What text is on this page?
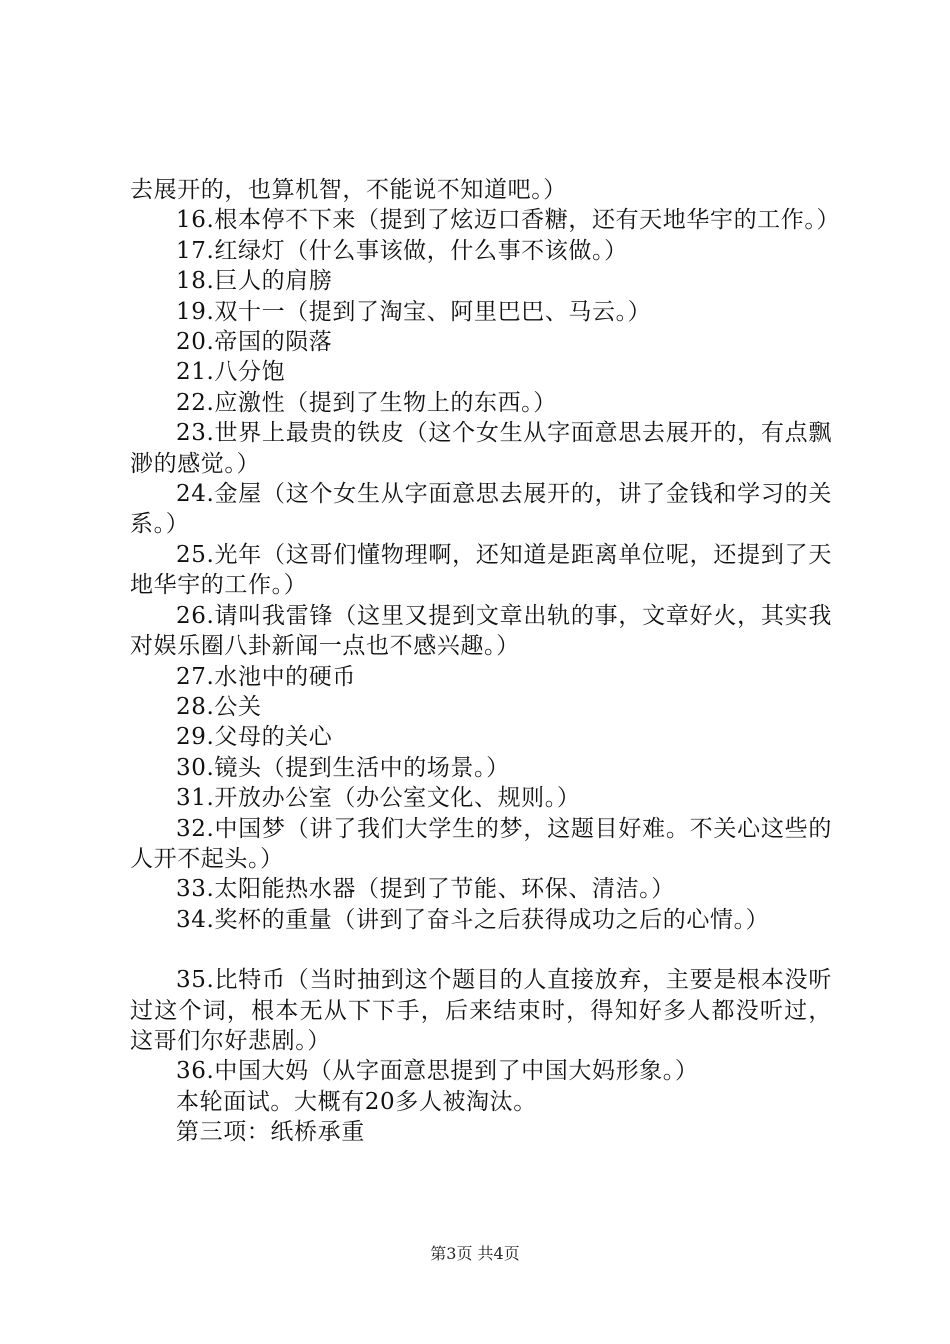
去展开的，也算机智，不能说不知道吧。）

16.根本停不下来（提到了炫迈口香糖，还有天地华宇的工作。）

17.红绿灯（什么事该做，什么事不该做。）

18.巨人的肩膀

19.双十一（提到了淘宝、阿里巴巴、马云。）

20.帝国的陨落

21.八分饱

22.应激性（提到了生物上的东西。）

23.世界上最贵的铁皮（这个女生从字面意思去展开的，有点飘渺的感觉。）

24.金屋（这个女生从字面意思去展开的，讲了金钱和学习的关系。）

25.光年（这哥们懂物理啊，还知道是距离单位呢，还提到了天地华宇的工作。）

26.请叫我雷锋（这里又提到文章出轨的事，文章好火，其实我对娱乐圈八卦新闻一点也不感兴趣。）

27.水池中的硬币

28.公关

29.父母的关心

30.镜头（提到生活中的场景。）

31.开放办公室（办公室文化、规则。）

32.中国梦（讲了我们大学生的梦，这题目好难。不关心这些的人开不起头。）

33.太阳能热水器（提到了节能、环保、清洁。）

34.奖杯的重量（讲到了奋斗之后获得成功之后的心情。）

35.比特币（当时抽到这个题目的人直接放弃，主要是根本没听过这个词，根本无从下下手，后来结束时，得知好多人都没听过，这哥们尔好悲剧。）

36.中国大妈（从字面意思提到了中国大妈形象。）

本轮面试。大概有20多人被淘汰。

第三项：纸桥承重

第3页 共4页
